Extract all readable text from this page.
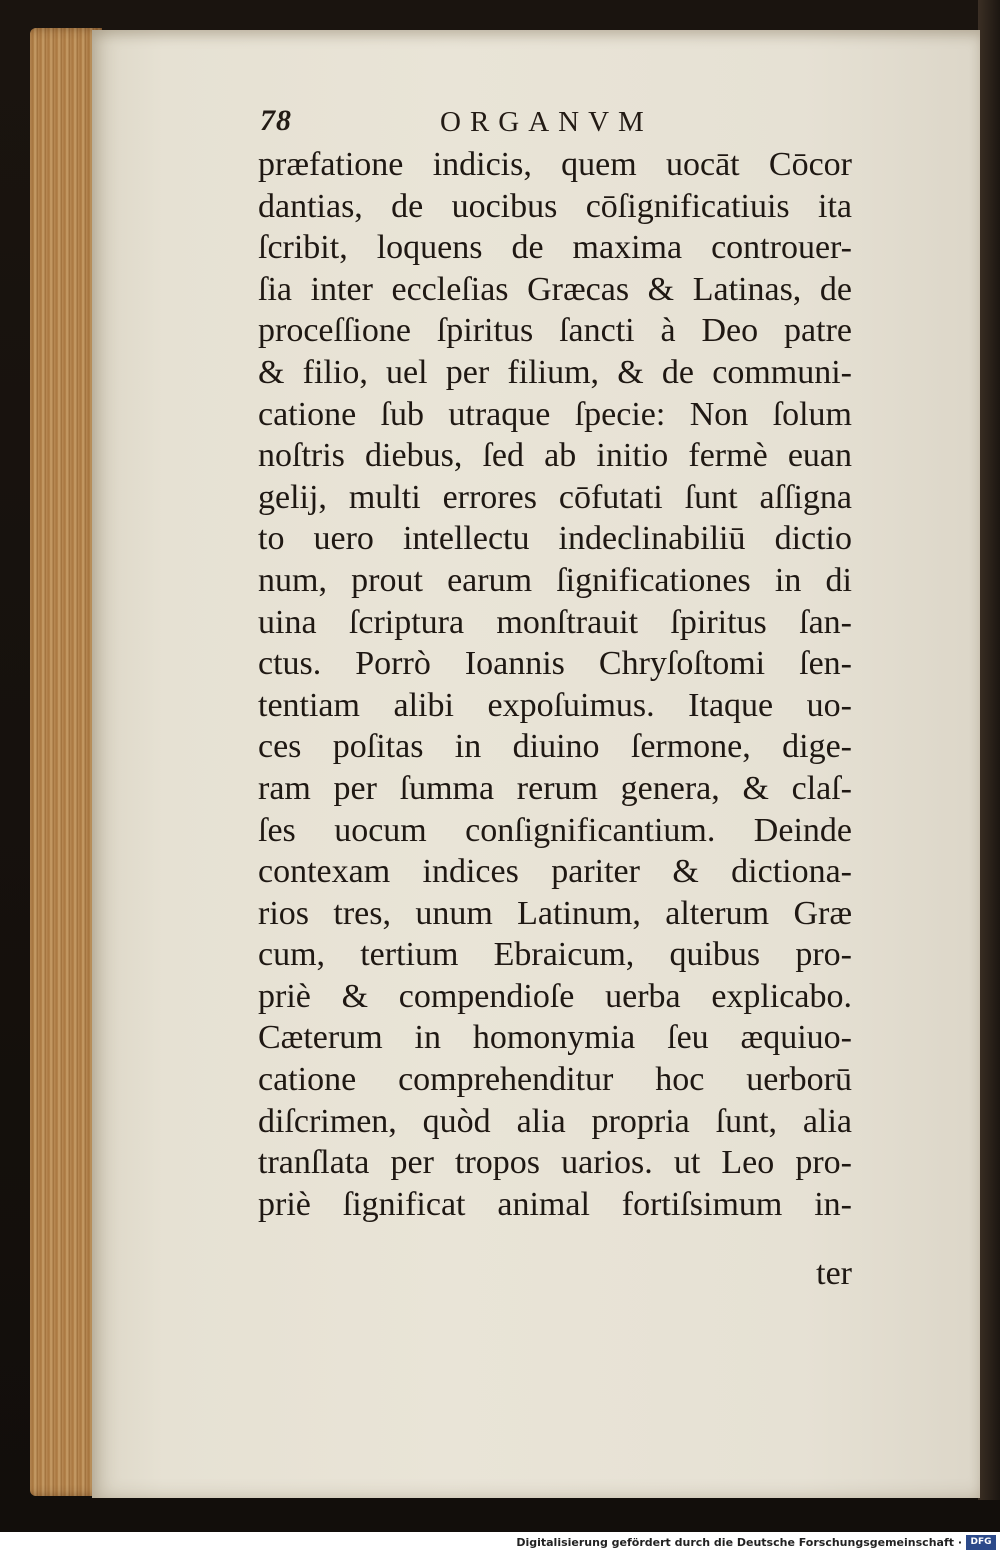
78	ORGANVM
præfatione indicis, quem uocāt Cōcor
dantias, de uocibus cōſignificatiuis ita
ſcribit, loquens de maxima controuer-
ſia inter eccleſias Græcas & Latinas, de
proceſſione ſpiritus ſancti à Deo patre
& filio, uel per filium, & de communi-
catione ſub utraque ſpecie: Non ſolum
noſtris diebus, ſed ab initio fermè euan
gelij, multi errores cōfutati ſunt aſſigna
to uero intellectu indeclinabiliū dictio
num, prout earum ſignificationes in di
uina ſcriptura monſtrauit ſpiritus ſan-
ctus. Porrò Ioannis Chryſoſtomi ſen-
tentiam alibi expoſuimus. Itaque uo-
ces poſitas in diuino ſermone, dige-
ram per ſumma rerum genera, & claſ-
ſes uocum conſignificantium. Deinde
contexam indices pariter & dictiona-
rios tres, unum Latinum, alterum Græ
cum, tertium Ebraicum, quibus pro-
priè & compendioſe uerba explicabo.
Cæterum in homonymia ſeu æquiuo-
catione comprehenditur hoc uerborū
diſcrimen, quòd alia propria ſunt, alia
tranſlata per tropos uarios. ut Leo pro-
priè ſignificat animal fortiſsimum in-
ter
Digitalisierung gefördert durch die Deutsche Forschungsgemeinschaft · DFG
